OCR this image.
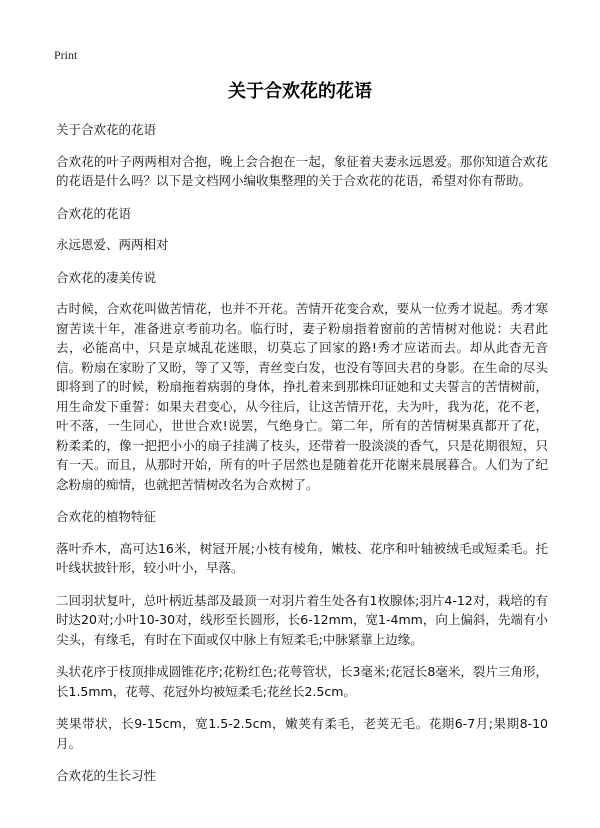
Print
关于合欢花的花语

关于合欢花的花语

合欢花的叶子两两相对合抱，晚上会合抱在一起，象征着夫妻永远恩爱。那你知道合欢花的花语是什么吗？以下是文档网小编收集整理的关于合欢花的花语，希望对你有帮助。

合欢花的花语

永远恩爱、两两相对

合欢花的凄美传说

古时候，合欢花叫做苦情花，也并不开花。苦情开花变合欢，要从一位秀才说起。秀才寒窗苦读十年，准备进京考前功名。临行时，妻子粉扇指着窗前的苦情树对他说：夫君此去，必能高中，只是京城乱花迷眼，切莫忘了回家的路!秀才应诺而去。却从此杳无音信。粉扇在家盼了又盼，等了又等，青丝变白发，也没有等回夫君的身影。在生命的尽头即将到了的时候，粉扇拖着病弱的身体，挣扎着来到那株印证她和丈夫誓言的苦情树前，用生命发下重誓：如果夫君变心，从今往后，让这苦情开花，夫为叶，我为花，花不老，叶不落，一生同心，世世合欢!说罢，气绝身亡。第二年，所有的苦情树果真都开了花，粉柔柔的，像一把把小小的扇子挂满了枝头，还带着一股淡淡的香气，只是花期很短，只有一天。而且，从那时开始，所有的叶子居然也是随着花开花谢来晨展暮合。人们为了纪念粉扇的痴情，也就把苦情树改名为合欢树了。

合欢花的植物特征

落叶乔木，高可达16米，树冠开展;小枝有棱角，嫩枝、花序和叶轴被绒毛或短柔毛。托叶线状披针形，较小叶小，早落。

二回羽状复叶，总叶柄近基部及最顶一对羽片着生处各有1枚腺体;羽片4-12对，栽培的有时达20对;小叶10-30对，线形至长圆形，长6-12mm，宽1-4mm，向上偏斜，先端有小尖头，有缘毛，有时在下面或仅中脉上有短柔毛;中脉紧靠上边缘。

头状花序于枝顶排成圆锥花序;花粉红色;花萼管状，长3毫米;花冠长8毫米，裂片三角形，长1.5mm，花萼、花冠外均被短柔毛;花丝长2.5cm。

荚果带状，长9-15cm，宽1.5-2.5cm，嫩荚有柔毛，老荚无毛。花期6-7月;果期8-10月。

合欢花的生长习性
